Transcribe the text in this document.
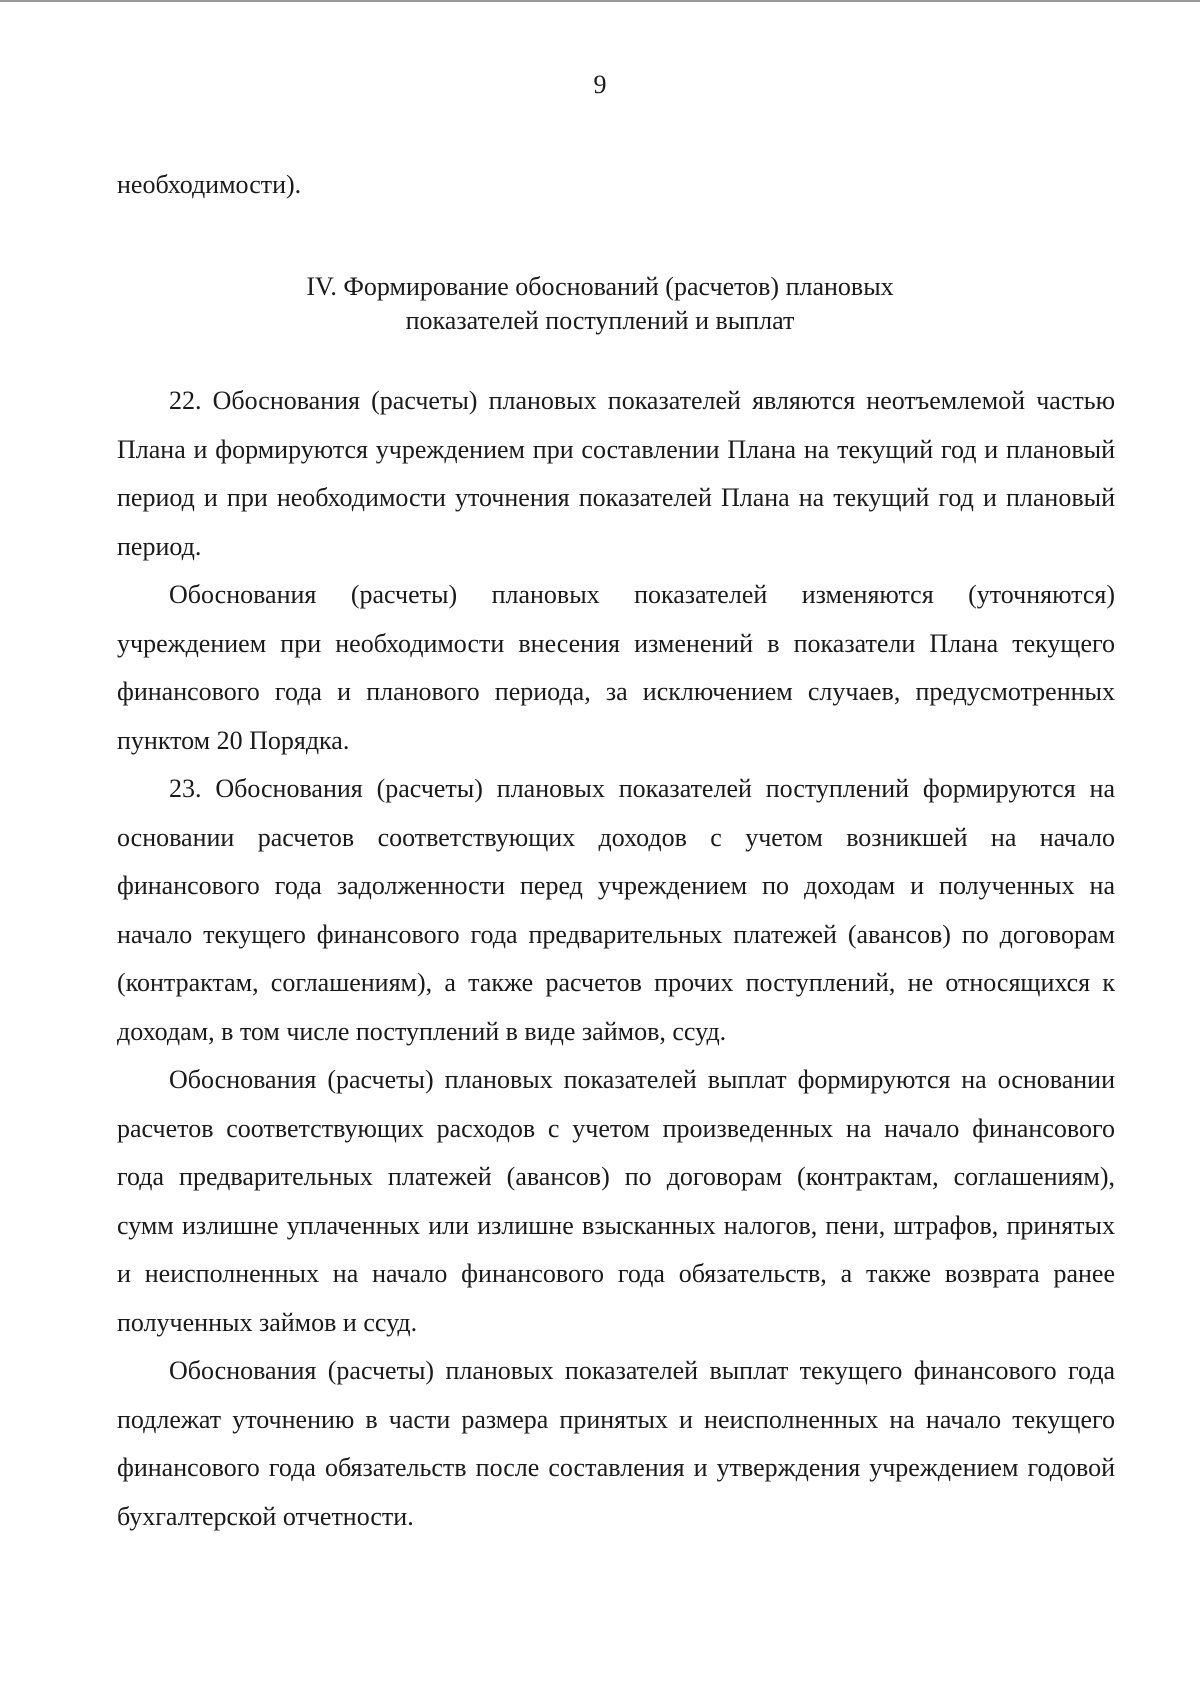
9
необходимости).
IV. Формирование обоснований (расчетов) плановых
показателей поступлений и выплат

22. Обоснования (расчеты) плановых показателей являются неотъемлемой частью Плана и формируются учреждением при составлении Плана на текущий год и плановый период и при необходимости уточнения показателей Плана на текущий год и плановый период.

Обоснования (расчеты) плановых показателей изменяются (уточняются) учреждением при необходимости внесения изменений в показатели Плана текущего финансового года и планового периода, за исключением случаев, предусмотренных пунктом 20 Порядка.

23. Обоснования (расчеты) плановых показателей поступлений формируются на основании расчетов соответствующих доходов с учетом возникшей на начало финансового года задолженности перед учреждением по доходам и полученных на начало текущего финансового года предварительных платежей (авансов) по договорам (контрактам, соглашениям), а также расчетов прочих поступлений, не относящихся к доходам, в том числе поступлений в виде займов, ссуд.

Обоснования (расчеты) плановых показателей выплат формируются на основании расчетов соответствующих расходов с учетом произведенных на начало финансового года предварительных платежей (авансов) по договорам (контрактам, соглашениям), сумм излишне уплаченных или излишне взысканных налогов, пени, штрафов, принятых и неисполненных на начало финансового года обязательств, а также возврата ранее полученных займов и ссуд.

Обоснования (расчеты) плановых показателей выплат текущего финансового года подлежат уточнению в части размера принятых и неисполненных на начало текущего финансового года обязательств после составления и утверждения учреждением годовой бухгалтерской отчетности.
